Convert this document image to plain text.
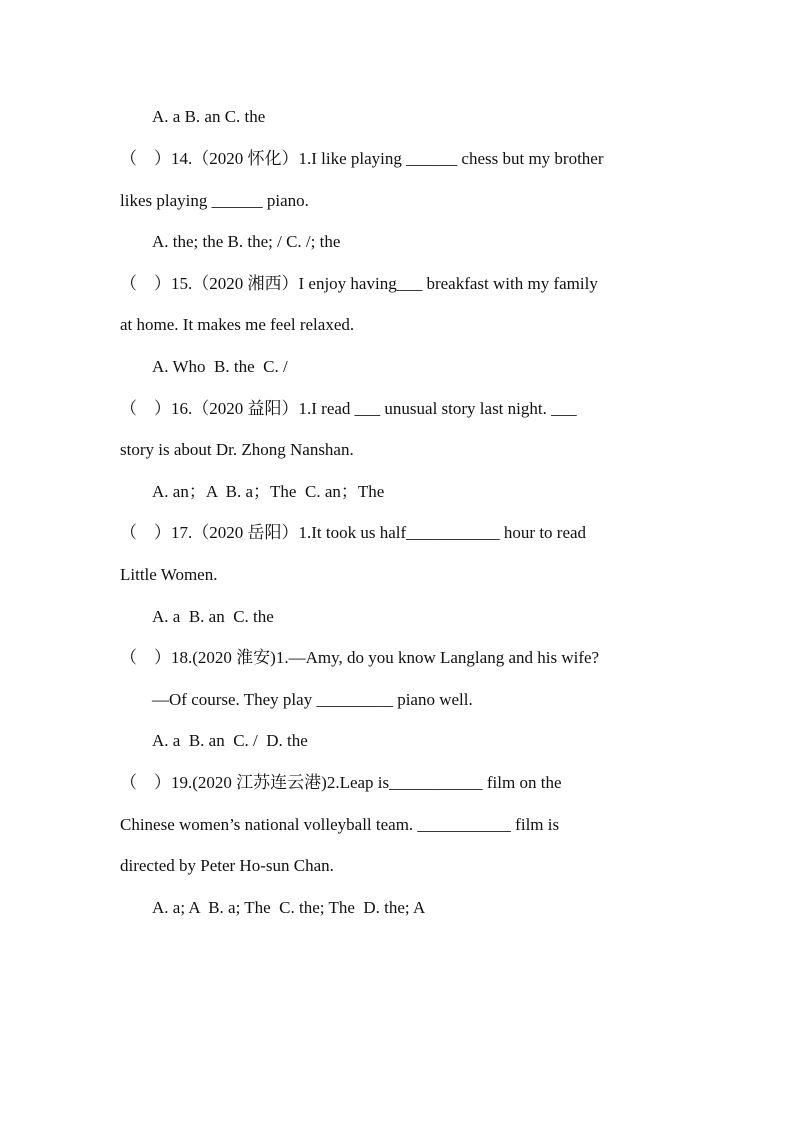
A. a B. an C. the
（    ）14.（2020 怀化）1.I like playing ______ chess but my brother
likes playing ______ piano.
A. the; the B. the; / C. /; the
（    ）15.（2020 湘西）I enjoy having___ breakfast with my family
at home. It makes me feel relaxed.
A. Who  B. the  C. /
（    ）16.（2020 益阳）1.I read ___ unusual story last night. ___
story is about Dr. Zhong Nanshan.
A. an；A  B. a；The  C. an；The
（    ）17.（2020 岳阳）1.It took us half___________ hour to read
Little Women.
A. a  B. an  C. the
（    ）18.(2020 淮安)1.—Amy, do you know Langlang and his wife?
—Of course. They play _________ piano well.
A. a  B. an  C. /  D. the
（    ）19.(2020 江苏连云港)2.Leap is___________ film on the
Chinese women’s national volleyball team. ___________ film is
directed by Peter Ho-sun Chan.
A. a; A  B. a; The  C. the; The  D. the; A
